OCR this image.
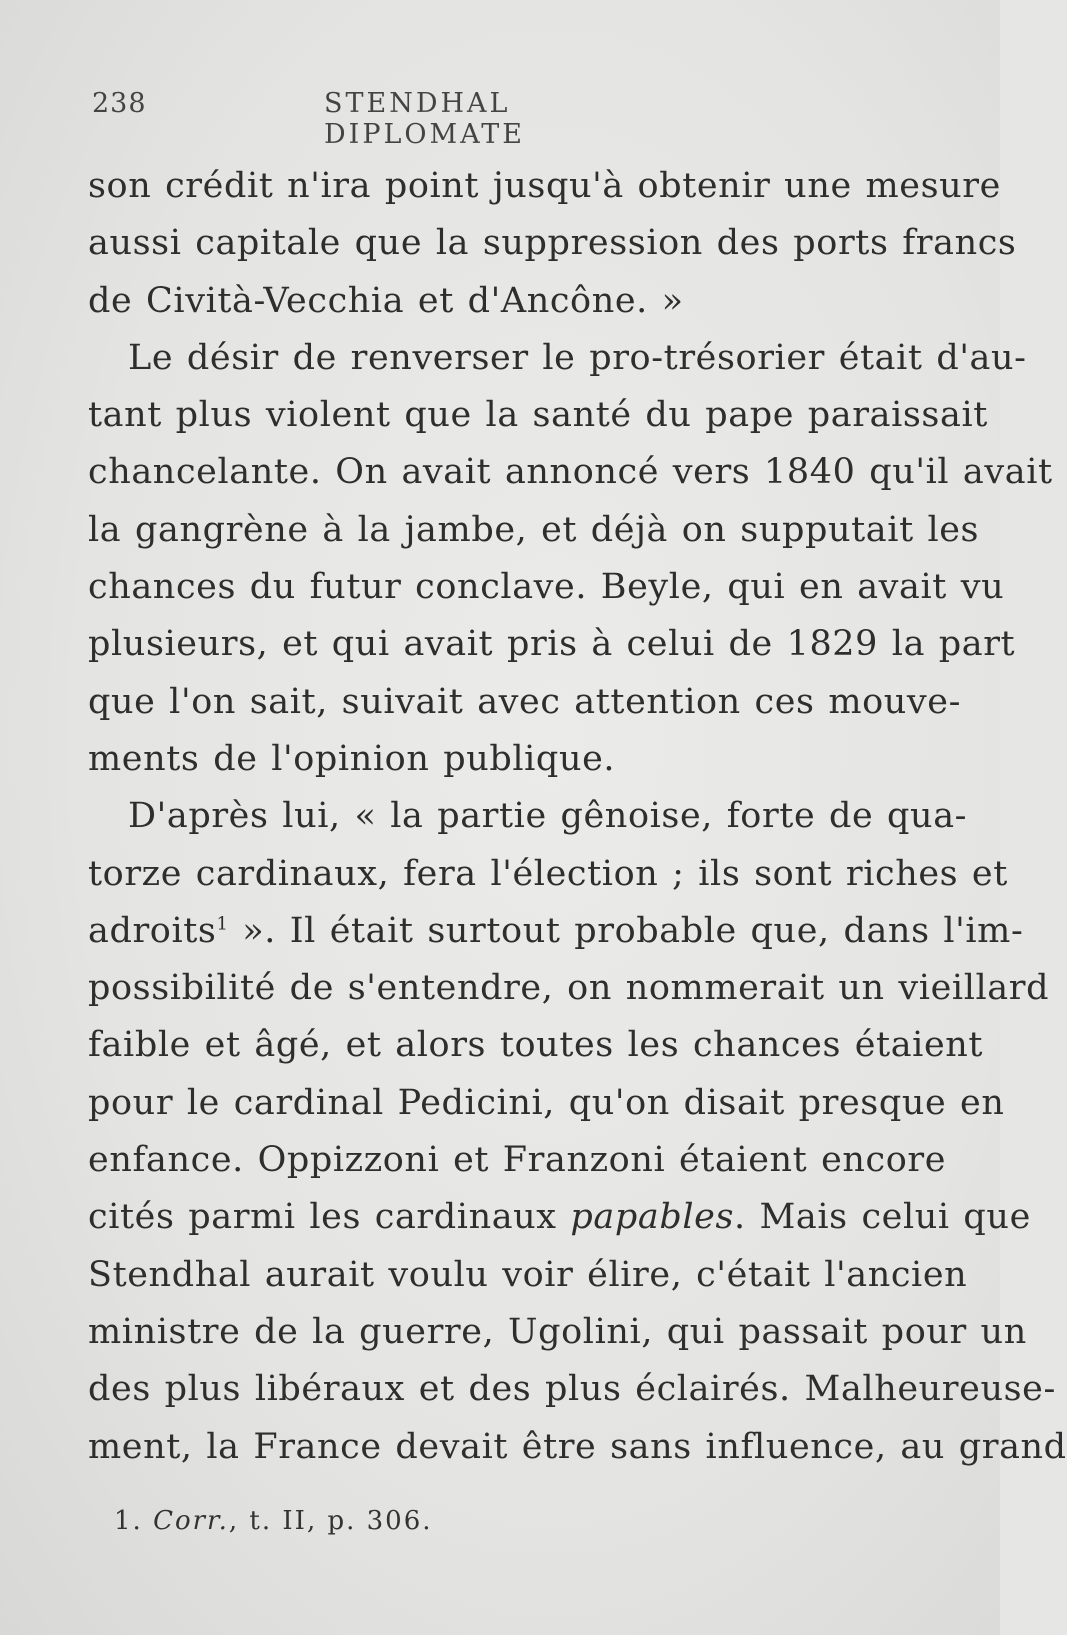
238	STENDHAL DIPLOMATE
son crédit n'ira point jusqu'à obtenir une mesure
aussi capitale que la suppression des ports francs
de Cività-Vecchia et d'Ancône. »
Le désir de renverser le pro-trésorier était d'au-
tant plus violent que la santé du pape paraissait
chancelante. On avait annoncé vers 1840 qu'il avait
la gangrène à la jambe, et déjà on supputait les
chances du futur conclave. Beyle, qui en avait vu
plusieurs, et qui avait pris à celui de 1829 la part
que l'on sait, suivait avec attention ces mouve-
ments de l'opinion publique.
D'après lui, « la partie gênoise, forte de qua-
torze cardinaux, fera l'élection ; ils sont riches et
adroits$^1$ ». Il était surtout probable que, dans l'im-
possibilité de s'entendre, on nommerait un vieillard
faible et âgé, et alors toutes les chances étaient
pour le cardinal Pedicini, qu'on disait presque en
enfance. Oppizzoni et Franzoni étaient encore
cités parmi les cardinaux papables. Mais celui que
Stendhal aurait voulu voir élire, c'était l'ancien
ministre de la guerre, Ugolini, qui passait pour un
des plus libéraux et des plus éclairés. Malheureuse-
ment, la France devait être sans influence, au grand
1. Corr., t. II, p. 306.
